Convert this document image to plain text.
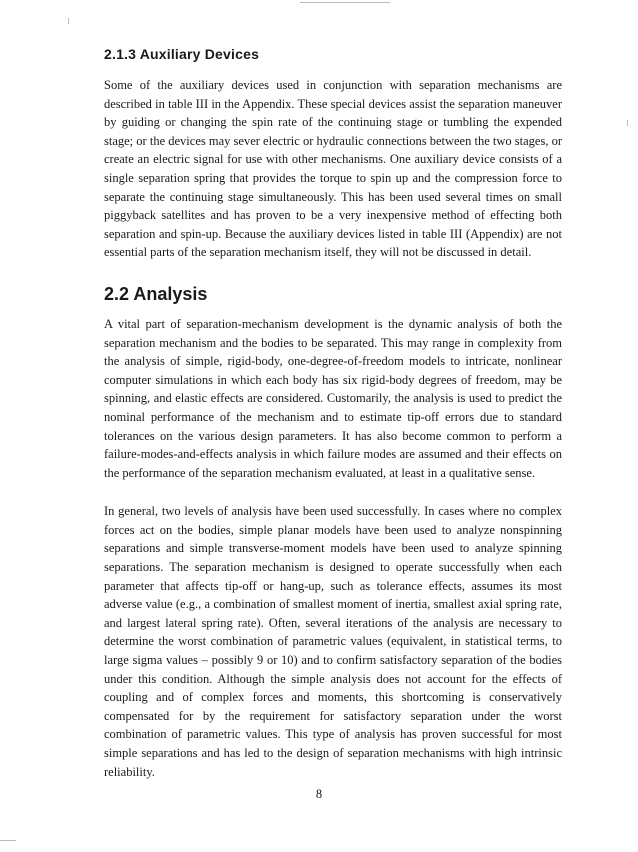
2.1.3 Auxiliary Devices

Some of the auxiliary devices used in conjunction with separation mechanisms are described in table III in the Appendix. These special devices assist the separation maneuver by guiding or changing the spin rate of the continuing stage or tumbling the expended stage; or the devices may sever electric or hydraulic connections between the two stages, or create an electric signal for use with other mechanisms. One auxiliary device consists of a single separation spring that provides the torque to spin up and the compression force to separate the continuing stage simultaneously. This has been used several times on small piggyback satellites and has proven to be a very inexpensive method of effecting both separation and spin-up. Because the auxiliary devices listed in table III (Appendix) are not essential parts of the separation mechanism itself, they will not be discussed in detail.

2.2 Analysis

A vital part of separation-mechanism development is the dynamic analysis of both the separation mechanism and the bodies to be separated. This may range in complexity from the analysis of simple, rigid-body, one-degree-of-freedom models to intricate, nonlinear computer simulations in which each body has six rigid-body degrees of freedom, may be spinning, and elastic effects are considered. Customarily, the analysis is used to predict the nominal performance of the mechanism and to estimate tip-off errors due to standard tolerances on the various design parameters. It has also become common to perform a failure-modes-and-effects analysis in which failure modes are assumed and their effects on the performance of the separation mechanism evaluated, at least in a qualitative sense.

In general, two levels of analysis have been used successfully. In cases where no complex forces act on the bodies, simple planar models have been used to analyze nonspinning separations and simple transverse-moment models have been used to analyze spinning separations. The separation mechanism is designed to operate successfully when each parameter that affects tip-off or hang-up, such as tolerance effects, assumes its most adverse value (e.g., a combination of smallest moment of inertia, smallest axial spring rate, and largest lateral spring rate). Often, several iterations of the analysis are necessary to determine the worst combination of parametric values (equivalent, in statistical terms, to large sigma values – possibly 9 or 10) and to confirm satisfactory separation of the bodies under this condition. Although the simple analysis does not account for the effects of coupling and of complex forces and moments, this shortcoming is conservatively compensated for by the requirement for satisfactory separation under the worst combination of parametric values. This type of analysis has proven successful for most simple separations and has led to the design of separation mechanisms with high intrinsic reliability.

8
